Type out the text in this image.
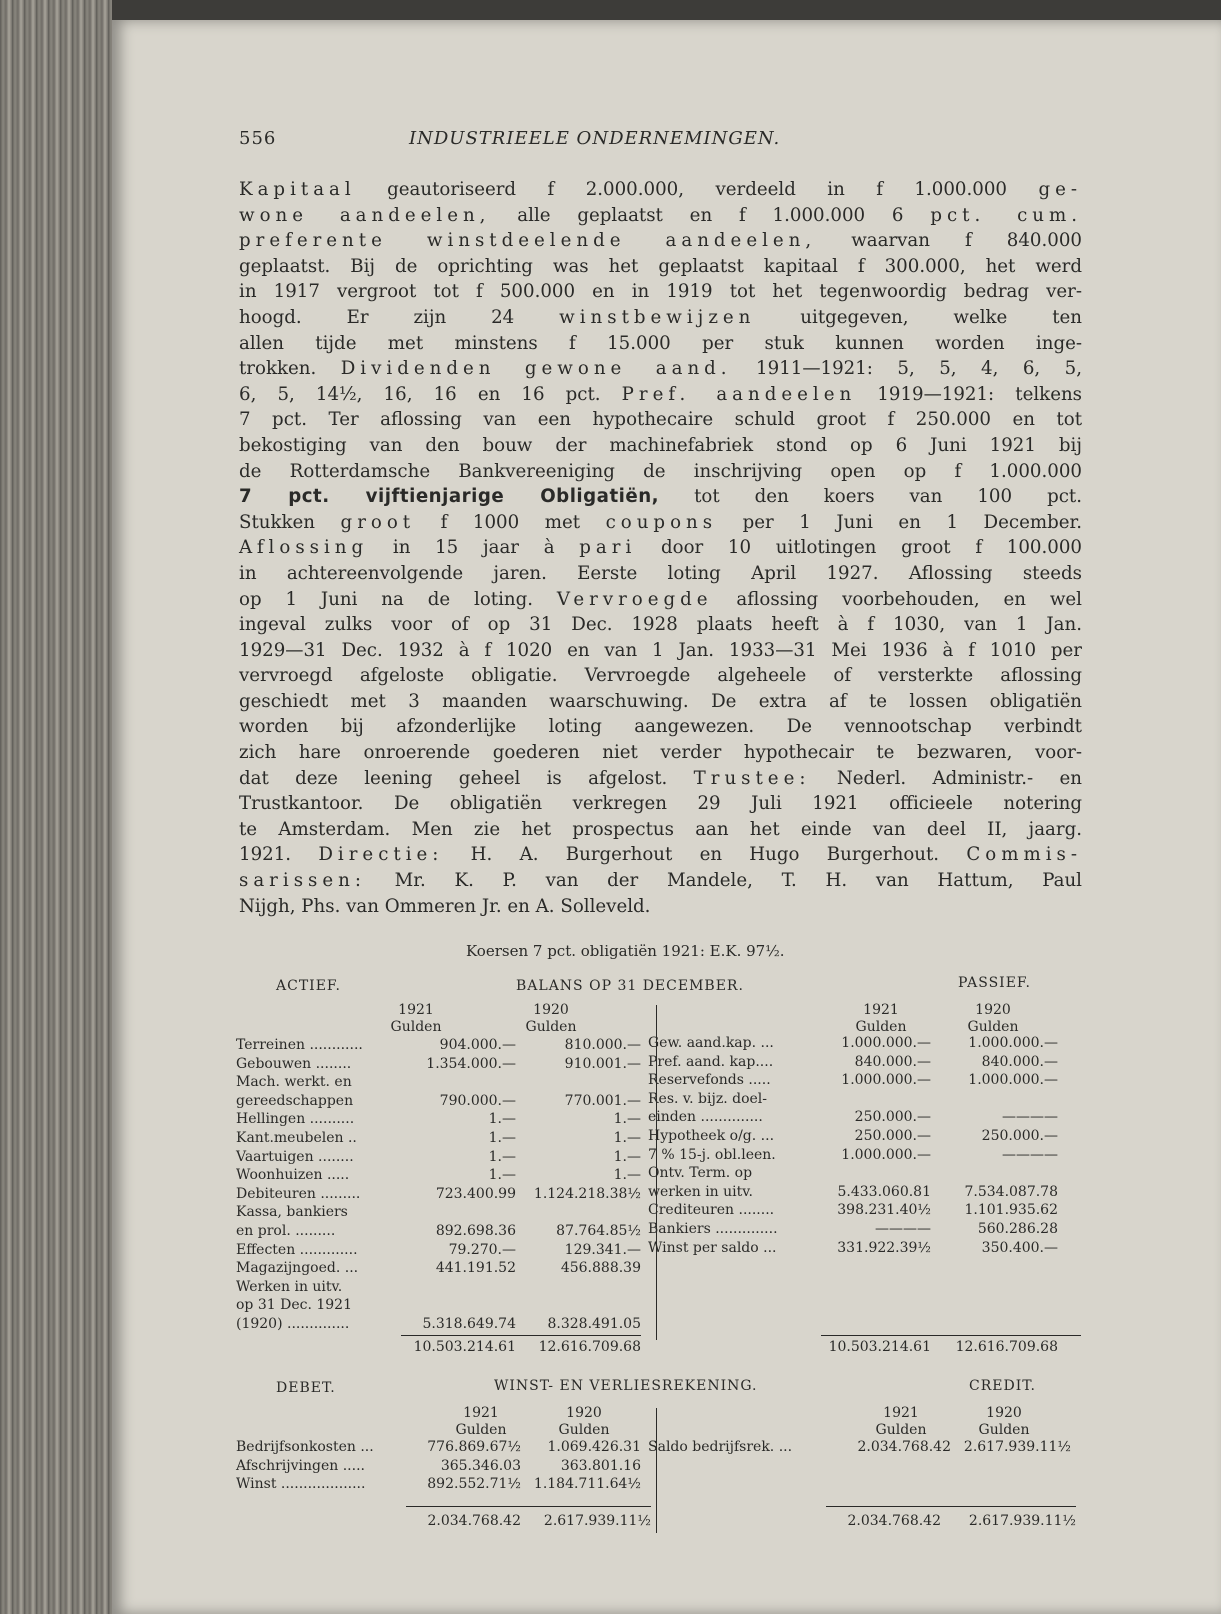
556	INDUSTRIEELE ONDERNEMINGEN.
Kapitaal geautoriseerd f 2.000.000, verdeeld in f 1.000.000 ge-
wone aandeelen, alle geplaatst en f 1.000.000 6 pct. cum.
preferente winstdeelende aandeelen, waarvan f 840.000
geplaatst. Bij de oprichting was het geplaatst kapitaal f 300.000, het werd
in 1917 vergroot tot f 500.000 en in 1919 tot het tegenwoordig bedrag ver-
hoogd. Er zijn 24 winstbewijzen uitgegeven, welke ten
allen tijde met minstens f 15.000 per stuk kunnen worden inge-
trokken. Dividenden gewone aand. 1911—1921: 5, 5, 4, 6, 5,
6, 5, 14½, 16, 16 en 16 pct. Pref. aandeelen 1919—1921: telkens
7 pct. Ter aflossing van een hypothecaire schuld groot f 250.000 en tot
bekostiging van den bouw der machinefabriek stond op 6 Juni 1921 bij
de Rotterdamsche Bankvereeniging de inschrijving open op f 1.000.000
7 pct. vijftienjarige Obligatiën, tot den koers van 100 pct.
Stukken groot f 1000 met coupons per 1 Juni en 1 December.
Aflossing in 15 jaar à pari door 10 uitlotingen groot f 100.000
in achtereenvolgende jaren. Eerste loting April 1927. Aflossing steeds
op 1 Juni na de loting. Vervroegde aflossing voorbehouden, en wel
ingeval zulks voor of op 31 Dec. 1928 plaats heeft à f 1030, van 1 Jan.
1929—31 Dec. 1932 à f 1020 en van 1 Jan. 1933—31 Mei 1936 à f 1010 per
vervroegd afgeloste obligatie. Vervroegde algeheele of versterkte aflossing
geschiedt met 3 maanden waarschuwing. De extra af te lossen obligatiën
worden bij afzonderlijke loting aangewezen. De vennootschap verbindt
zich hare onroerende goederen niet verder hypothecair te bezwaren, voor-
dat deze leening geheel is afgelost. Trustee: Nederl. Administr.- en
Trustkantoor. De obligatiën verkregen 29 Juli 1921 officieele notering
te Amsterdam. Men zie het prospectus aan het einde van deel II, jaarg.
1921. Directie: H. A. Burgerhout en Hugo Burgerhout. Commis-
sarissen: Mr. K. P. van der Mandele, T. H. van Hattum, Paul
Nijgh, Phs. van Ommeren Jr. en A. Solleveld.
Koersen 7 pct. obligatiën 1921: E.K. 97½.
ACTIEF.	BALANS OP 31 DECEMBER.	PASSIEF.
1921	1920
Gulden	Gulden
1921	1920
Gulden	Gulden
Terreinen ............	904.000.—	810.000.—
Gebouwen ........	1.354.000.—	910.001.—
Mach. werkt. en
gereedschappen	790.000.—	770.001.—
Hellingen ..........	1.—	1.—
Kant.meubelen ..	1.—	1.—
Vaartuigen ........	1.—	1.—
Woonhuizen .....	1.—	1.—
Debiteuren .........	723.400.99	1.124.218.38½
Kassa, bankiers
en prol. .........	892.698.36	87.764.85½
Effecten .............	79.270.—	129.341.—
Magazijngoed. ...	441.191.52	456.888.39
Werken in uitv.
op 31 Dec. 1921
(1920) ..............	5.318.649.74	8.328.491.05
Gew. aand.kap. ...	1.000.000.—	1.000.000.—
Pref. aand. kap....	840.000.—	840.000.—
Reservefonds .....	1.000.000.—	1.000.000.—
Res. v. bijz. doel-
einden ..............	250.000.—	————
Hypotheek o/g. ...	250.000.—	250.000.—
7 % 15-j. obl.leen.	1.000.000.—	————
Ontv. Term. op
werken in uitv.	5.433.060.81	7.534.087.78
Crediteuren ........	398.231.40½	1.101.935.62
Bankiers ..............	————	560.286.28
Winst per saldo ...	331.922.39½	350.400.—
10.503.214.61	12.616.709.68	10.503.214.61	12.616.709.68
DEBET.	WINST- EN VERLIESREKENING.	CREDIT.
1921	1920
Gulden	Gulden
1921	1920
Gulden	Gulden
Bedrijfsonkosten ...	776.869.67½	1.069.426.31
Afschrijvingen .....	365.346.03	363.801.16
Winst ...................	892.552.71½ 1.184.711.64½
Saldo bedrijfsrek. ...	2.034.768.42 2.617.939.11½
2.034.768.42	2.617.939.11½	2.034.768.42	2.617.939.11½
